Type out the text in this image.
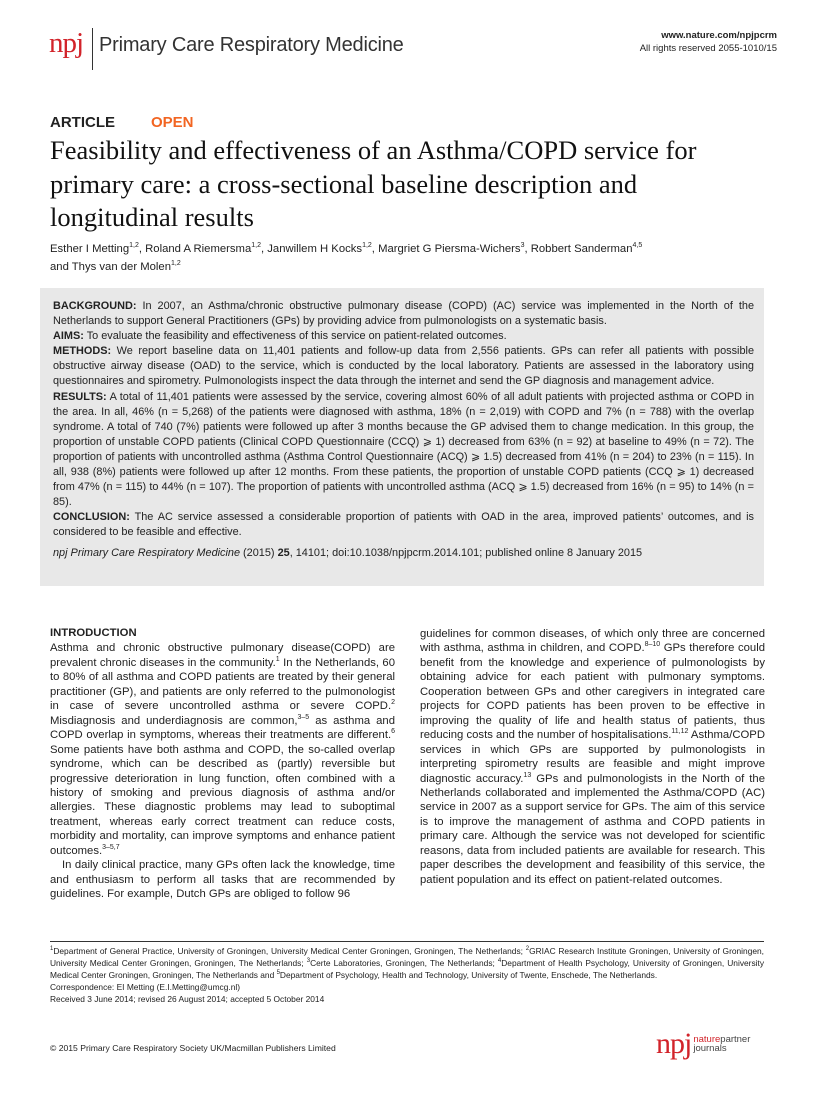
npj Primary Care Respiratory Medicine	www.nature.com/npjpcrm
All rights reserved 2055-1010/15
ARTICLE OPEN
Feasibility and effectiveness of an Asthma/COPD service for primary care: a cross-sectional baseline description and longitudinal results
Esther I Metting$^{1,2}$, Roland A Riemersma$^{1,2}$, Janwillem H Kocks$^{1,2}$, Margriet G Piersma-Wichers$^3$, Robbert Sanderman$^{4,5}$
and Thys van der Molen$^{1,2}$

BACKGROUND: In 2007, an Asthma/chronic obstructive pulmonary disease (COPD) (AC) service was implemented in the North of the Netherlands to support General Practitioners (GPs) by providing advice from pulmonologists on a systematic basis.

AIMS: To evaluate the feasibility and effectiveness of this service on patient-related outcomes.

METHODS: We report baseline data on 11,401 patients and follow-up data from 2,556 patients. GPs can refer all patients with possible obstructive airway disease (OAD) to the service, which is conducted by the local laboratory. Patients are assessed in the laboratory using questionnaires and spirometry. Pulmonologists inspect the data through the internet and send the GP diagnosis and management advice.

RESULTS: A total of 11,401 patients were assessed by the service, covering almost 60% of all adult patients with projected asthma or COPD in the area. In all, 46% (n = 5,268) of the patients were diagnosed with asthma, 18% (n = 2,019) with COPD and 7% (n = 788) with the overlap syndrome. A total of 740 (7%) patients were followed up after 3 months because the GP advised them to change medication. In this group, the proportion of unstable COPD patients (Clinical COPD Questionnaire (CCQ) ⩾ 1) decreased from 63% (n = 92) at baseline to 49% (n = 72). The proportion of patients with uncontrolled asthma (Asthma Control Questionnaire (ACQ) ⩾ 1.5) decreased from 41% (n = 204) to 23% (n = 115). In all, 938 (8%) patients were followed up after 12 months. From these patients, the proportion of unstable COPD patients (CCQ ⩾ 1) decreased from 47% (n = 115) to 44% (n = 107). The proportion of patients with uncontrolled asthma (ACQ ⩾ 1.5) decreased from 16% (n = 95) to 14% (n = 85).

CONCLUSION: The AC service assessed a considerable proportion of patients with OAD in the area, improved patients’ outcomes, and is considered to be feasible and effective.

npj Primary Care Respiratory Medicine (2015) 25, 14101; doi:10.1038/npjpcrm.2014.101; published online 8 January 2015

INTRODUCTION

Asthma and chronic obstructive pulmonary disease(COPD) are prevalent chronic diseases in the community.$^1$ In the Netherlands, 60 to 80% of all asthma and COPD patients are treated by their general practitioner (GP), and patients are only referred to the pulmonologist in case of severe uncontrolled asthma or severe COPD.$^2$ Misdiagnosis and underdiagnosis are common,$^{3-5}$ as asthma and COPD overlap in symptoms, whereas their treatments are different.$^6$ Some patients have both asthma and COPD, the so-called overlap syndrome, which can be described as (partly) reversible but progressive deterioration in lung function, often combined with a history of smoking and previous diagnosis of asthma and/or allergies. These diagnostic problems may lead to suboptimal treatment, whereas early correct treatment can reduce costs, morbidity and mortality, can improve symptoms and enhance patient outcomes.$^{3-5,7}$

In daily clinical practice, many GPs often lack the knowledge, time and enthusiasm to perform all tasks that are recommended by guidelines. For example, Dutch GPs are obliged to follow 96

guidelines for common diseases, of which only three are concerned with asthma, asthma in children, and COPD.$^{8-10}$ GPs therefore could benefit from the knowledge and experience of pulmonologists by obtaining advice for each patient with pulmonary symptoms. Cooperation between GPs and other caregivers in integrated care projects for COPD patients has been proven to be effective in improving the quality of life and health status of patients, thus reducing costs and the number of hospitalisations.$^{11,12}$ Asthma/COPD services in which GPs are supported by pulmonologists in interpreting spirometry results are feasible and might improve diagnostic accuracy.$^{13}$ GPs and pulmonologists in the North of the Netherlands collaborated and implemented the Asthma/COPD (AC) service in 2007 as a support service for GPs. The aim of this service is to improve the management of asthma and COPD patients in primary care. Although the service was not developed for scientific reasons, data from included patients are available for research. This paper describes the development and feasibility of this service, the patient population and its effect on patient-related outcomes.

$^1$Department of General Practice, University of Groningen, University Medical Center Groningen, Groningen, The Netherlands; $^2$GRIAC Research Institute Groningen, University of Groningen, University Medical Center Groningen, Groningen, The Netherlands; $^3$Certe Laboratories, Groningen, The Netherlands; $^4$Department of Health Psychology, University of Groningen, University Medical Center Groningen, Groningen, The Netherlands and $^5$Department of Psychology, Health and Technology, University of Twente, Enschede, The Netherlands.

Correspondence: EI Metting (E.I.Metting@umcg.nl)

Received 3 June 2014; revised 26 August 2014; accepted 5 October 2014

© 2015 Primary Care Respiratory Society UK/Macmillan Publishers Limited	npj naturepartner
journals
